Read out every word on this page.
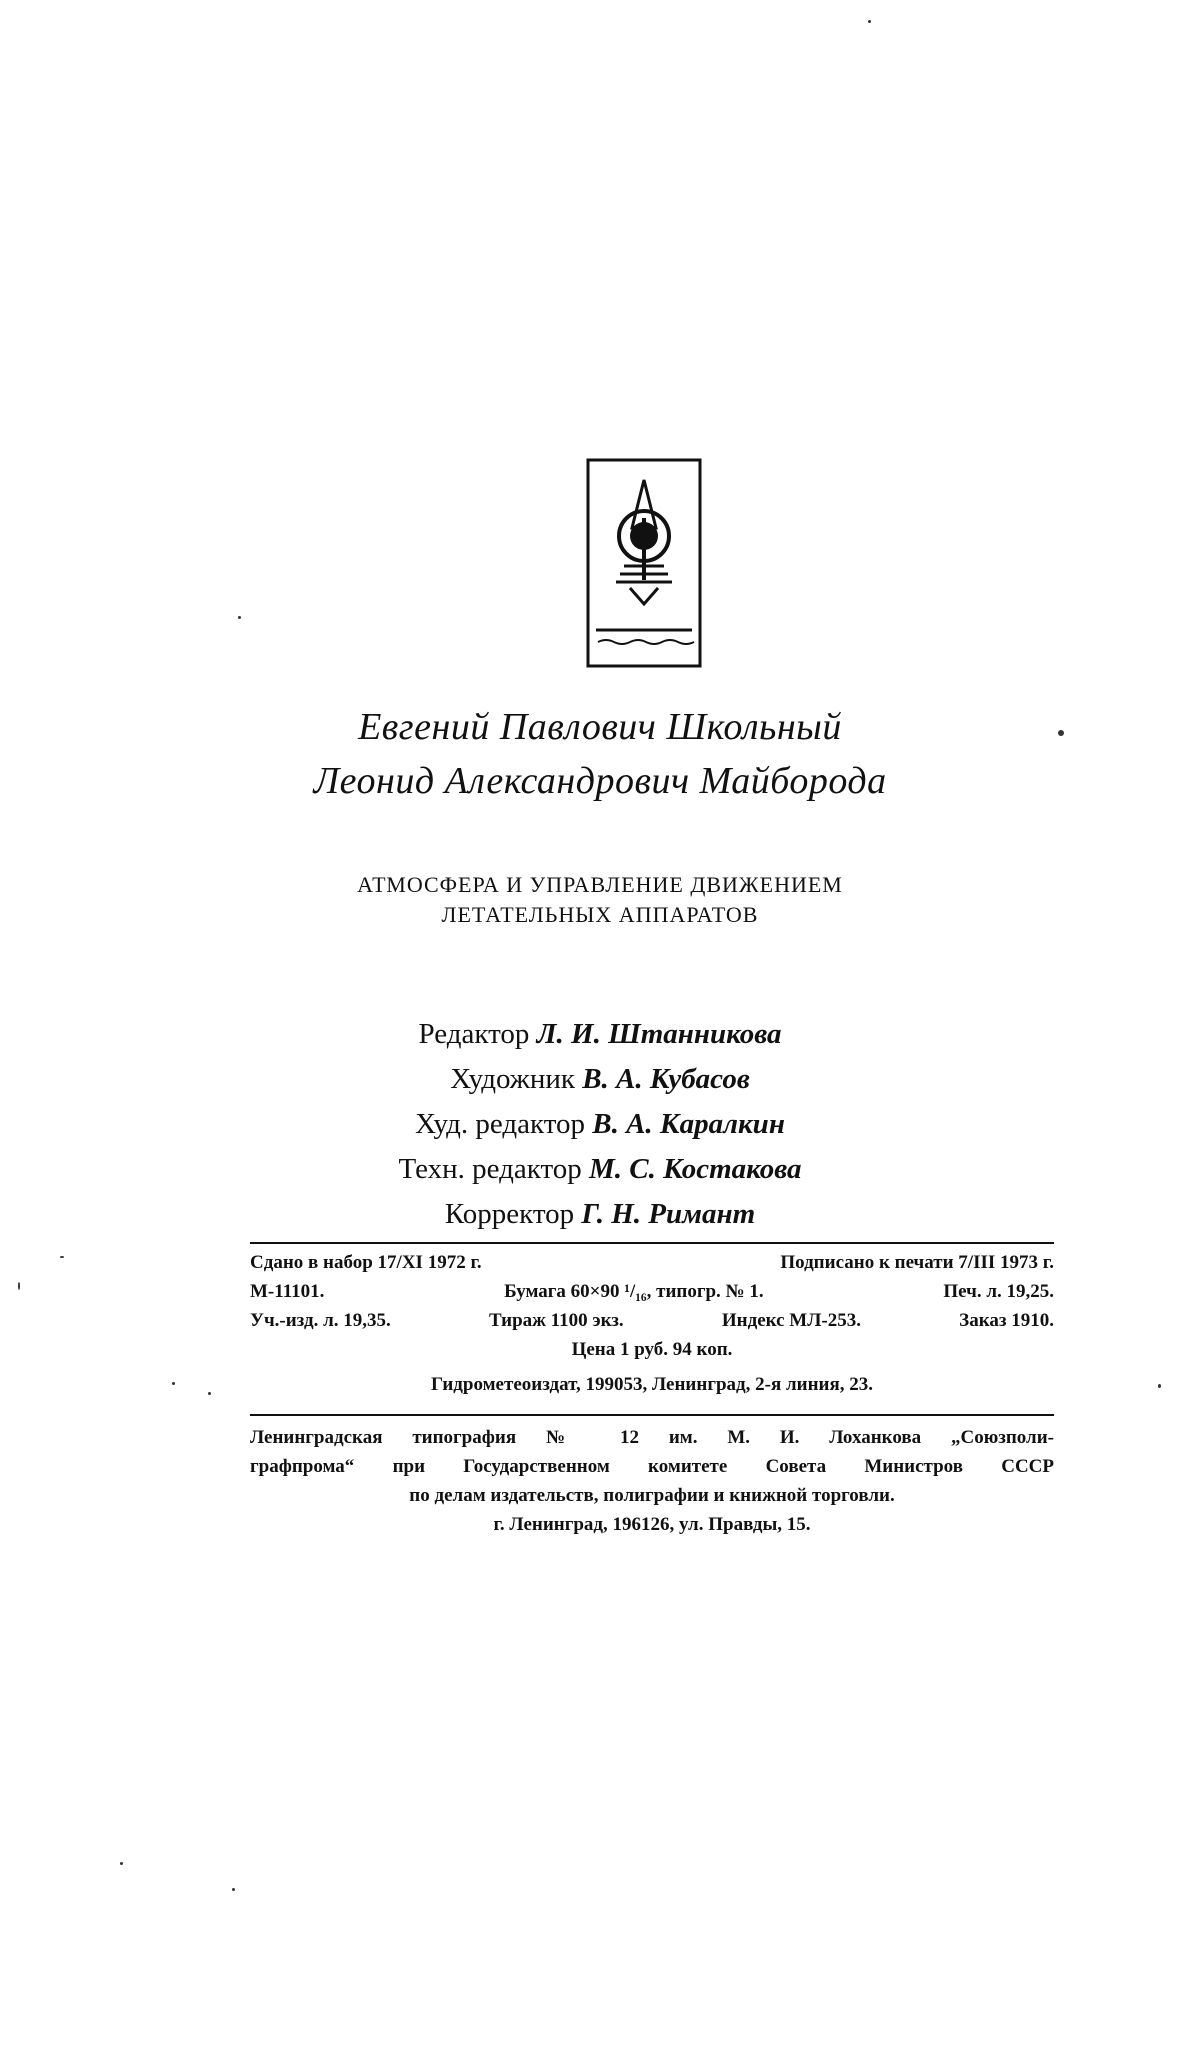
Евгений Павлович Школьный
Леонид Александрович Майборода
АТМОСФЕРА И УПРАВЛЕНИЕ ДВИЖЕНИЕМ
ЛЕТАТЕЛЬНЫХ АППАРАТОВ
Редактор Л. И. Штанникова
Художник В. А. Кубасов
Худ. редактор В. А. Каралкин
Техн. редактор М. С. Костакова
Корректор Г. Н. Римант
Сдано в набор 17/XI 1972 г.	Подписано к печати 7/III 1973 г.
М-11101.	Бумага 60×90 ¹/₁₆, типогр. № 1.	Печ. л. 19,25.
Уч.-изд. л. 19,35.	Тираж 1100 экз.	Индекс МЛ-253.	Заказ 1910.
Цена 1 руб. 94 коп.
Гидрометеоиздат, 199053, Ленинград, 2-я линия, 23.
Ленинградская типография № 12 им. М. И. Лоханкова „Союзполи-
графпрома“ при Государственном комитете Совета Министров СССР
по делам издательств, полиграфии и книжной торговли.
г. Ленинград, 196126, ул. Правды, 15.
